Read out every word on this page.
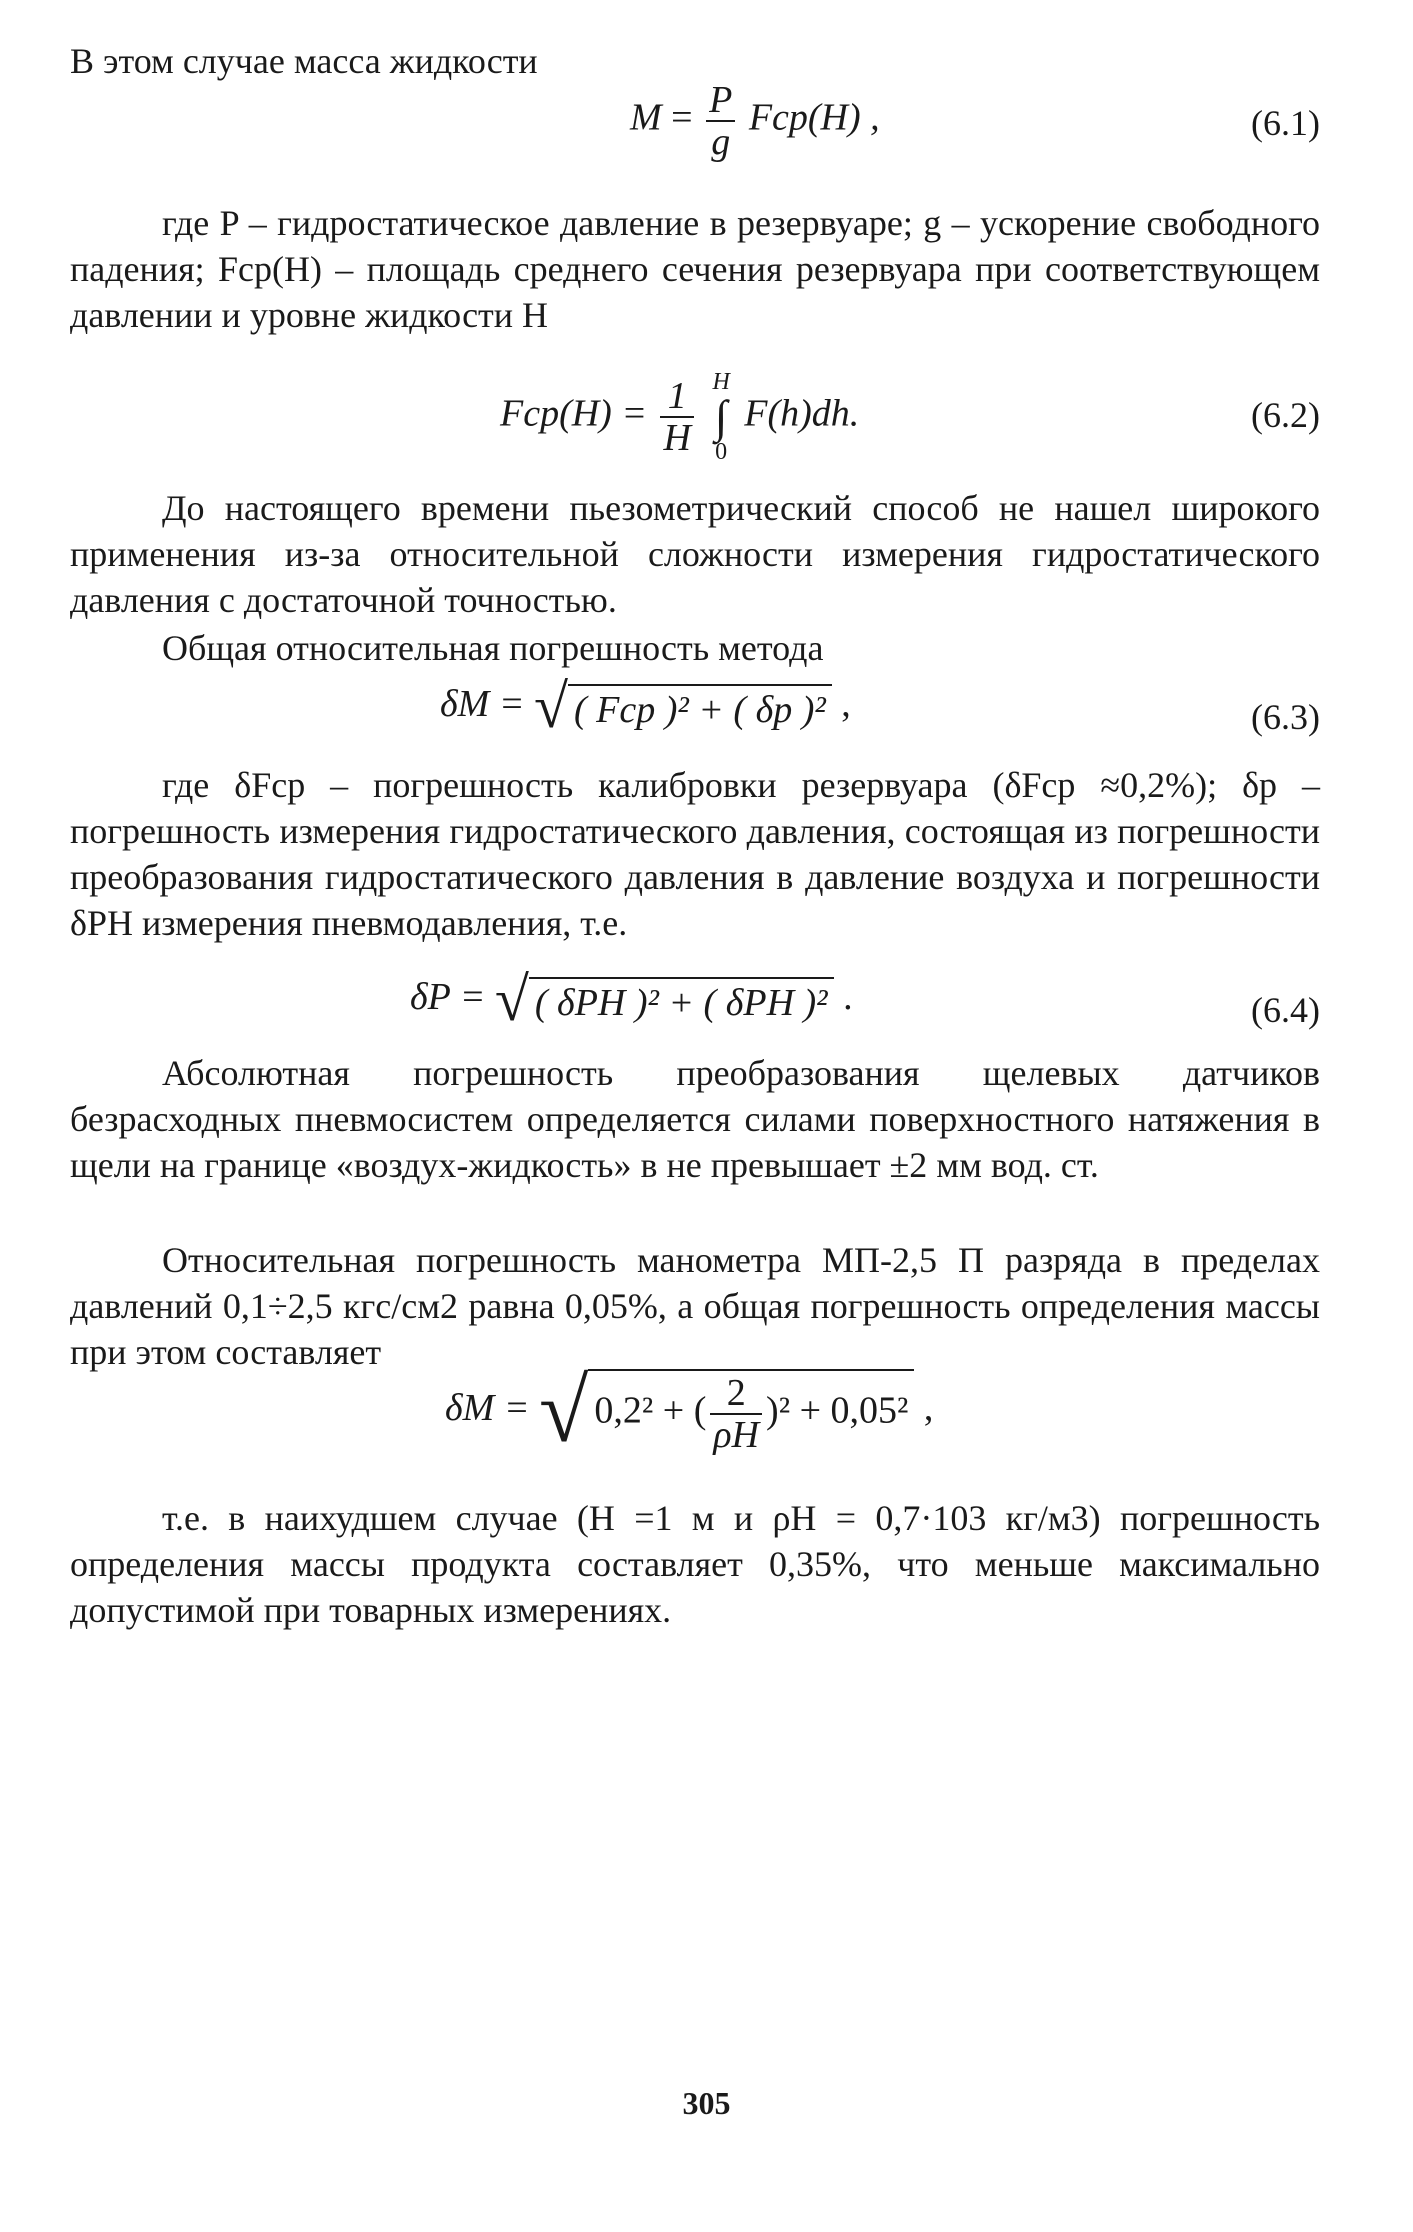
В этом случае масса жидкости

$M = \frac{P}{g} Fср(H)$ ,	(6.1)

где P – гидростатическое давление в резервуаре; g – ускорение свободного падения; Fср(H) – площадь среднего сечения резервуара при соответствующем давлении и уровне жидкости H

$Fср(H) = \frac{1}{H}$
H
∫
0
F(h)dh.	(6.2)

До настоящего времени пьезометрический способ не нашел широкого применения из-за относительной сложности измерения гидростатического давления с достаточной точностью.

Общая относительная погрешность метода

δM = √ ( Fср )² + ( δp )² ,	(6.3)

где δFср – погрешность калибровки резервуара (δFср ≈0,2%); δp – погрешность измерения гидростатического давления, состоящая из погрешности преобразования гидростатического давления в давление воздуха и погрешности δPН измерения пневмодавления, т.е.

δP = √ ( δPH )² + ( δPH )² .	(6.4)

Абсолютная погрешность преобразования щелевых датчиков безрасходных пневмосистем определяется силами поверхностного натяжения в щели на границе «воздух-жидкость» в не превышает ±2 мм вод. ст.

Относительная погрешность манометра МП-2,5 П разряда в пределах давлений 0,1÷2,5 кгс/см2 равна 0,05%, а общая погрешность определения массы при этом составляет

δM = √ 0,2² + ( $\frac{2}{\rho H} )^2 + 0,05^2$ ,

т.е. в наихудшем случае (H =1 м и ρН = 0,7·103 кг/м3) погрешность определения массы продукта составляет 0,35%, что меньше максимально допустимой при товарных измерениях.

305
